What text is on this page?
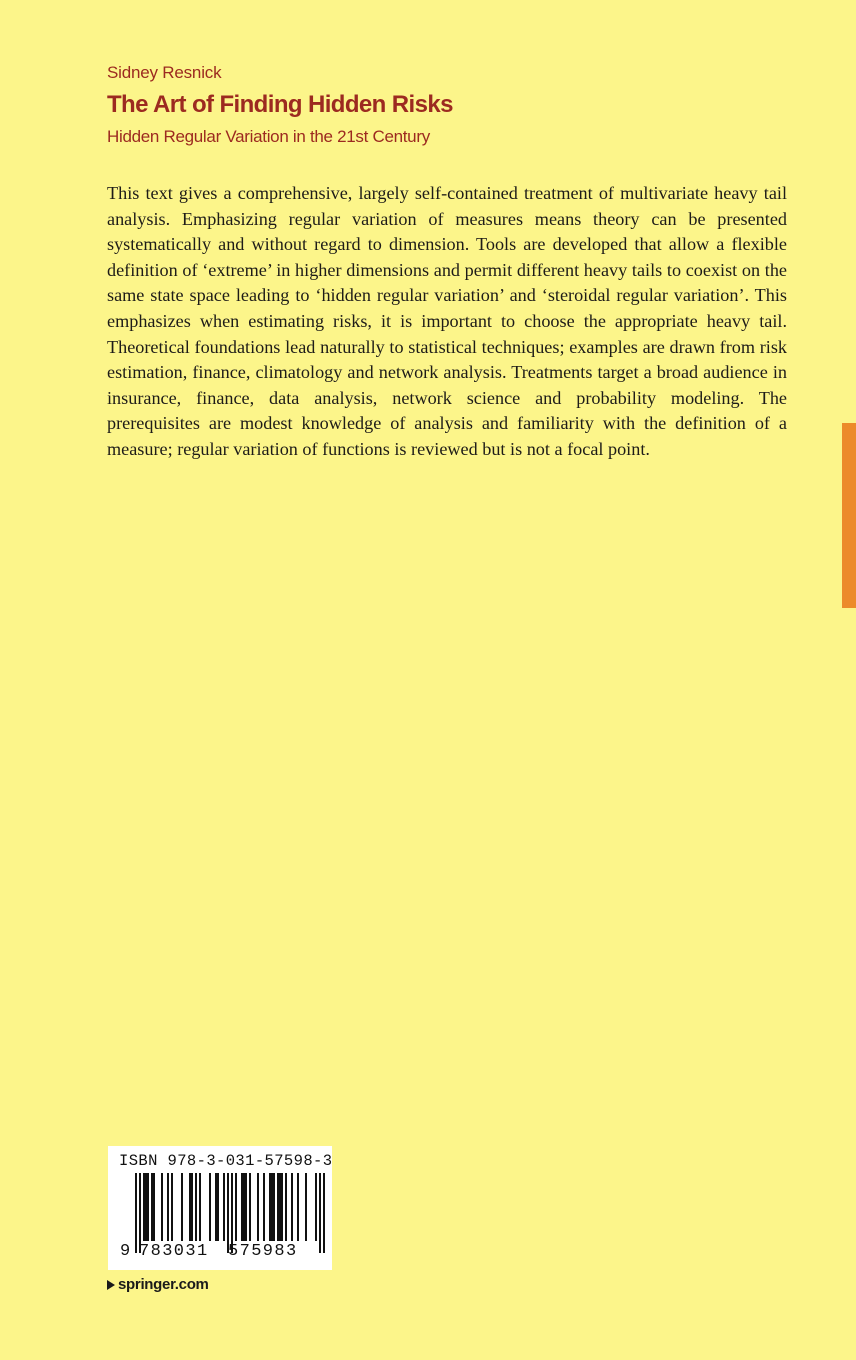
Sidney Resnick
The Art of Finding Hidden Risks
Hidden Regular Variation in the 21st Century

This text gives a comprehensive, largely self-contained treatment of multivariate heavy tail analysis. Emphasizing regular variation of measures means theory can be presented systematically and without regard to dimension. Tools are developed that allow a flexible definition of ‘extreme’ in higher dimensions and permit different heavy tails to coexist on the same state space leading to ‘hidden regular variation’ and ‘steroidal regular variation’. This emphasizes when estimating risks, it is important to choose the appropriate heavy tail. Theoretical foundations lead naturally to statistical techniques; examples are drawn from risk estimation, finance, climatology and network analysis. Treatments target a broad audience in insurance, finance, data analysis, network science and probability modeling. The prerequisites are modest knowledge of analysis and familiarity with the definition of a measure; regular variation of functions is reviewed but is not a focal point.

ISBN 978-3-031-57598-3
9 783031 575983
springer.com
